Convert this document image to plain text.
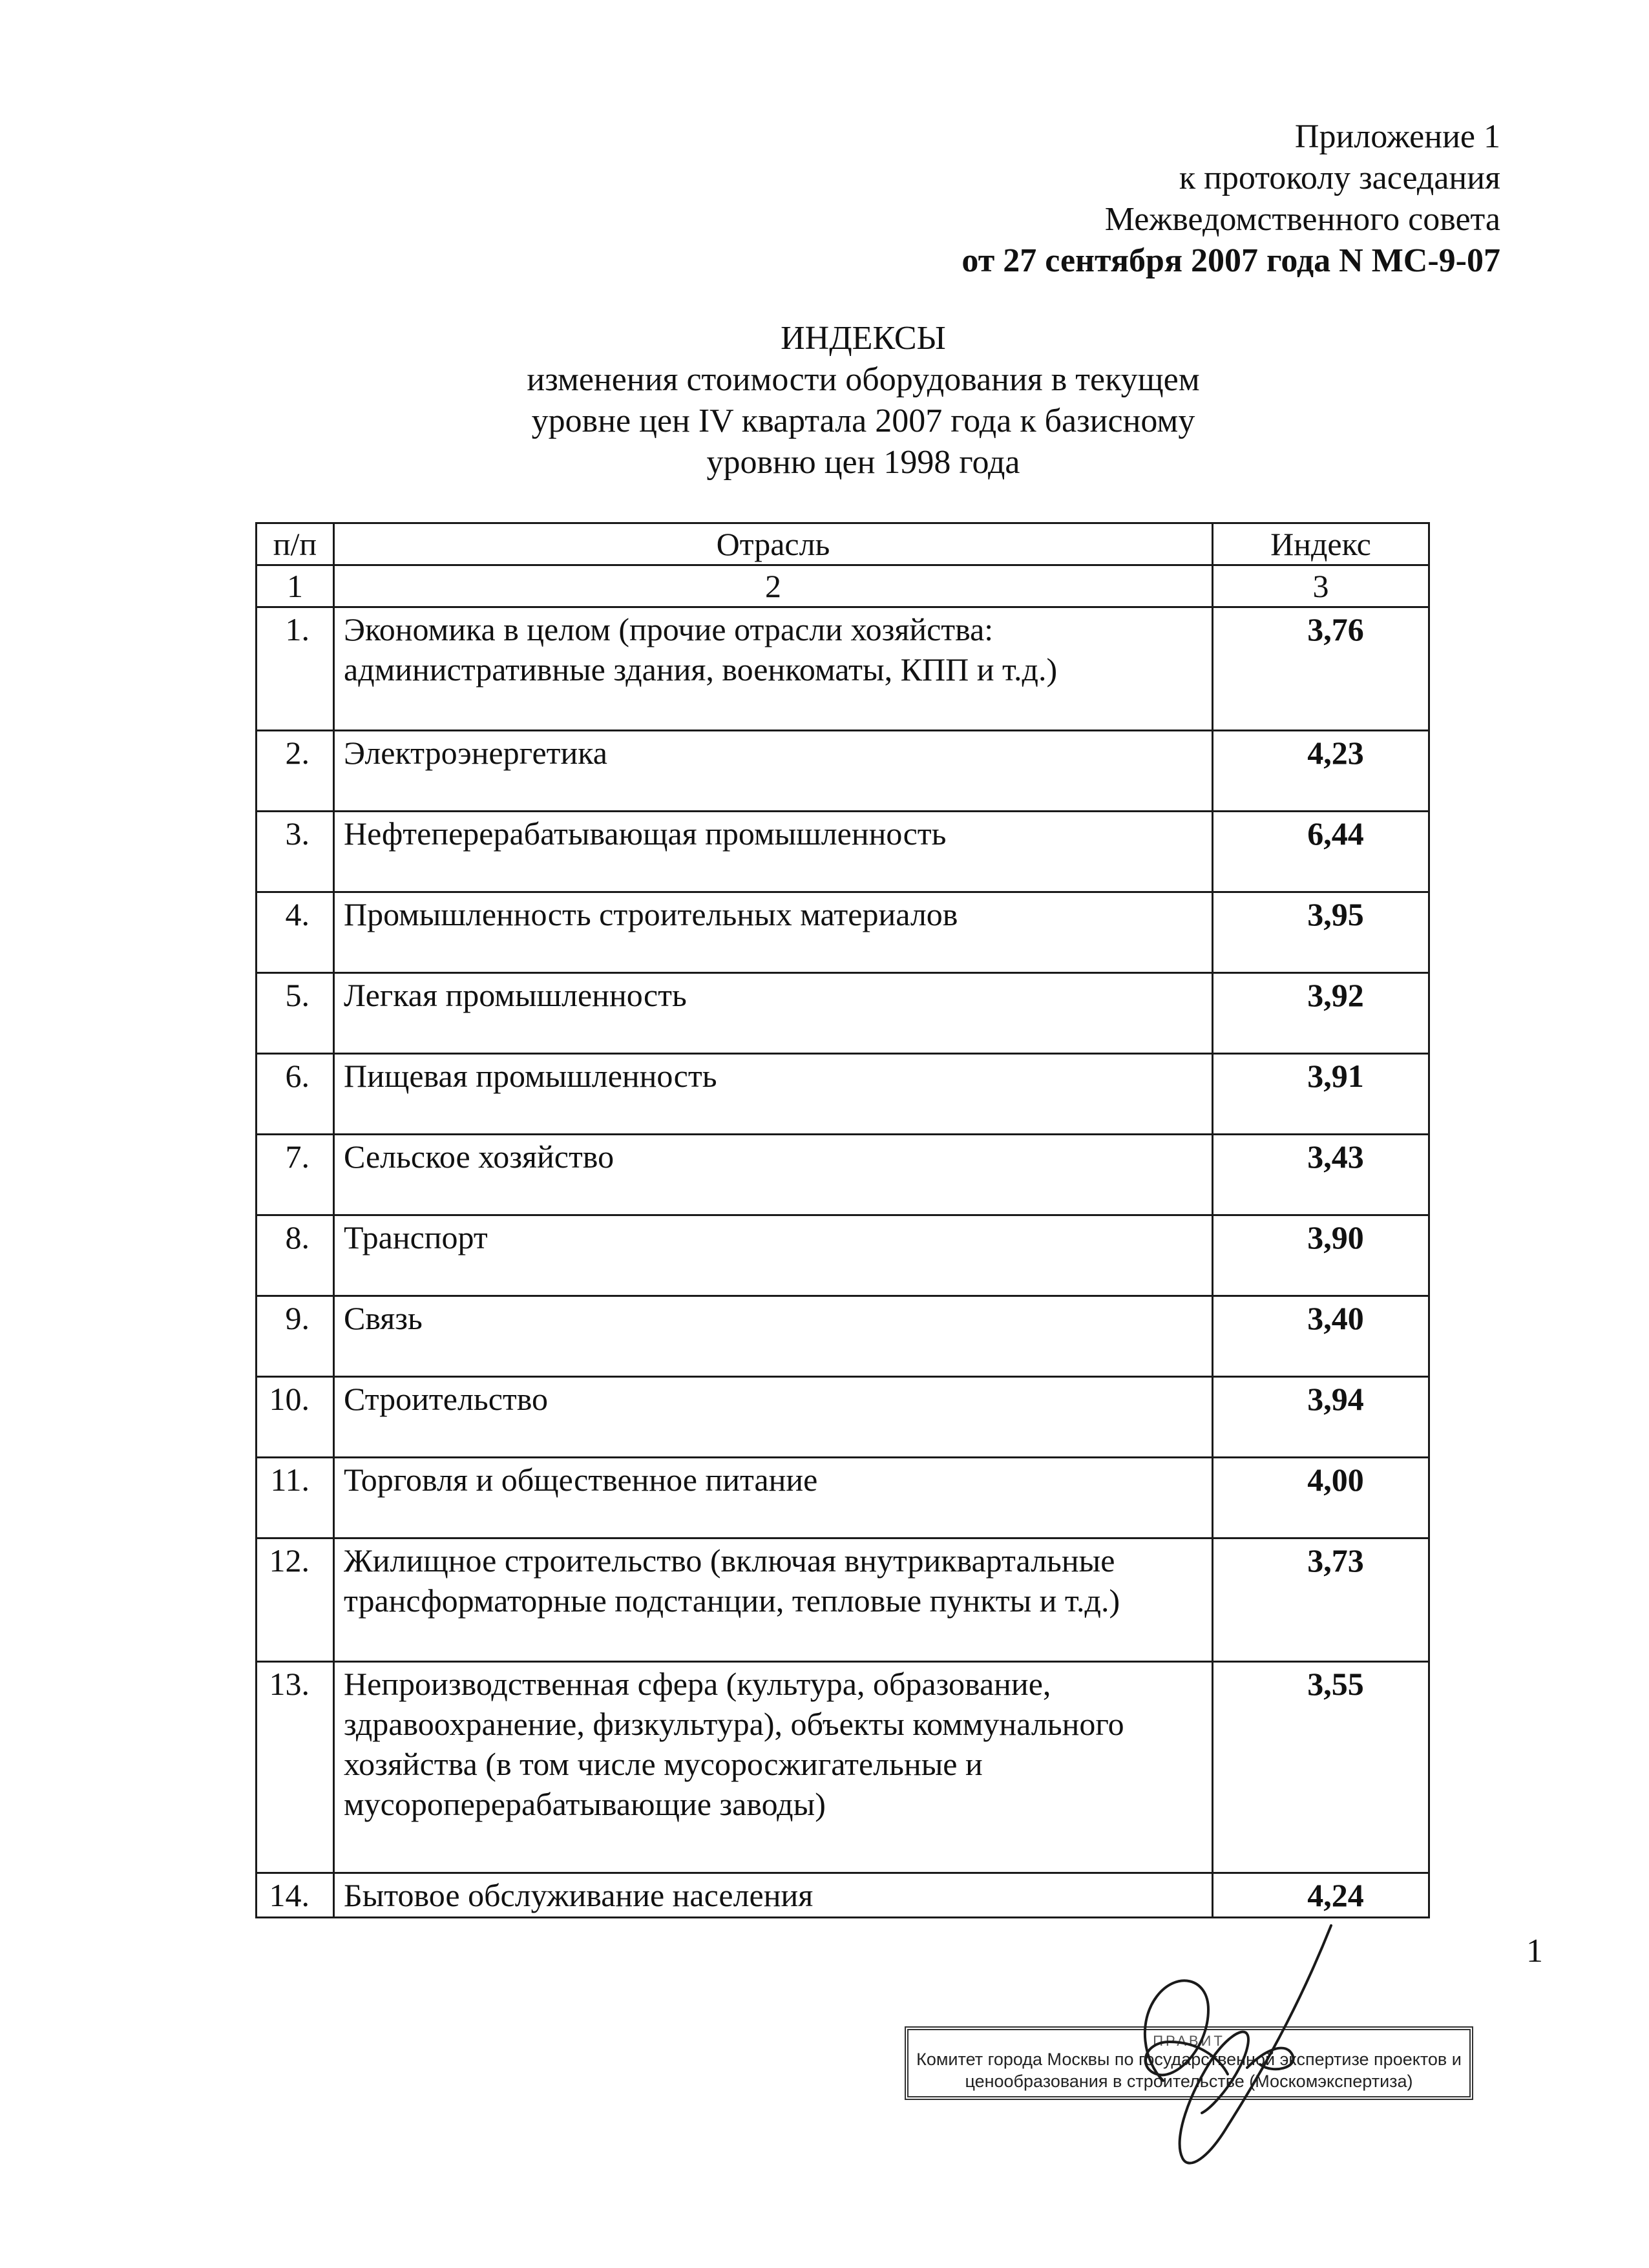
Приложение 1
к протоколу заседания
Межведомственного совета
от 27 сентября 2007 года N МС-9-07
ИНДЕКСЫ
изменения стоимости оборудования в текущем
уровне цен IV квартала 2007 года к базисному
уровню цен 1998 года
п/п	Отрасль	Индекс
1	2	3
1.	Экономика в целом (прочие отрасли хозяйства: административные здания, военкоматы, КПП и т.д.)	3,76
2.	Электроэнергетика	4,23
3.	Нефтеперерабатывающая промышленность	6,44
4.	Промышленность строительных материалов	3,95
5.	Легкая промышленность	3,92
6.	Пищевая промышленность	3,91
7.	Сельское хозяйство	3,43
8.	Транспорт	3,90
9.	Связь	3,40
10.	Строительство	3,94
11.	Торговля и общественное питание	4,00
12.	Жилищное строительство (включая внутриквартальные трансформаторные подстанции, тепловые пункты и т.д.)	3,73
13.	Непроизводственная сфера (культура, образование, здравоохранение, физкультура), объекты коммунального хозяйства (в том числе мусоросжигательные и мусороперерабатывающие заводы)	3,55
14.	Бытовое обслуживание населения	4,24
1
ПРАВИТ
Комитет города Москвы по государственной экспертизе проектов и
ценообразования в строительстве (Москомэкспертиза)
